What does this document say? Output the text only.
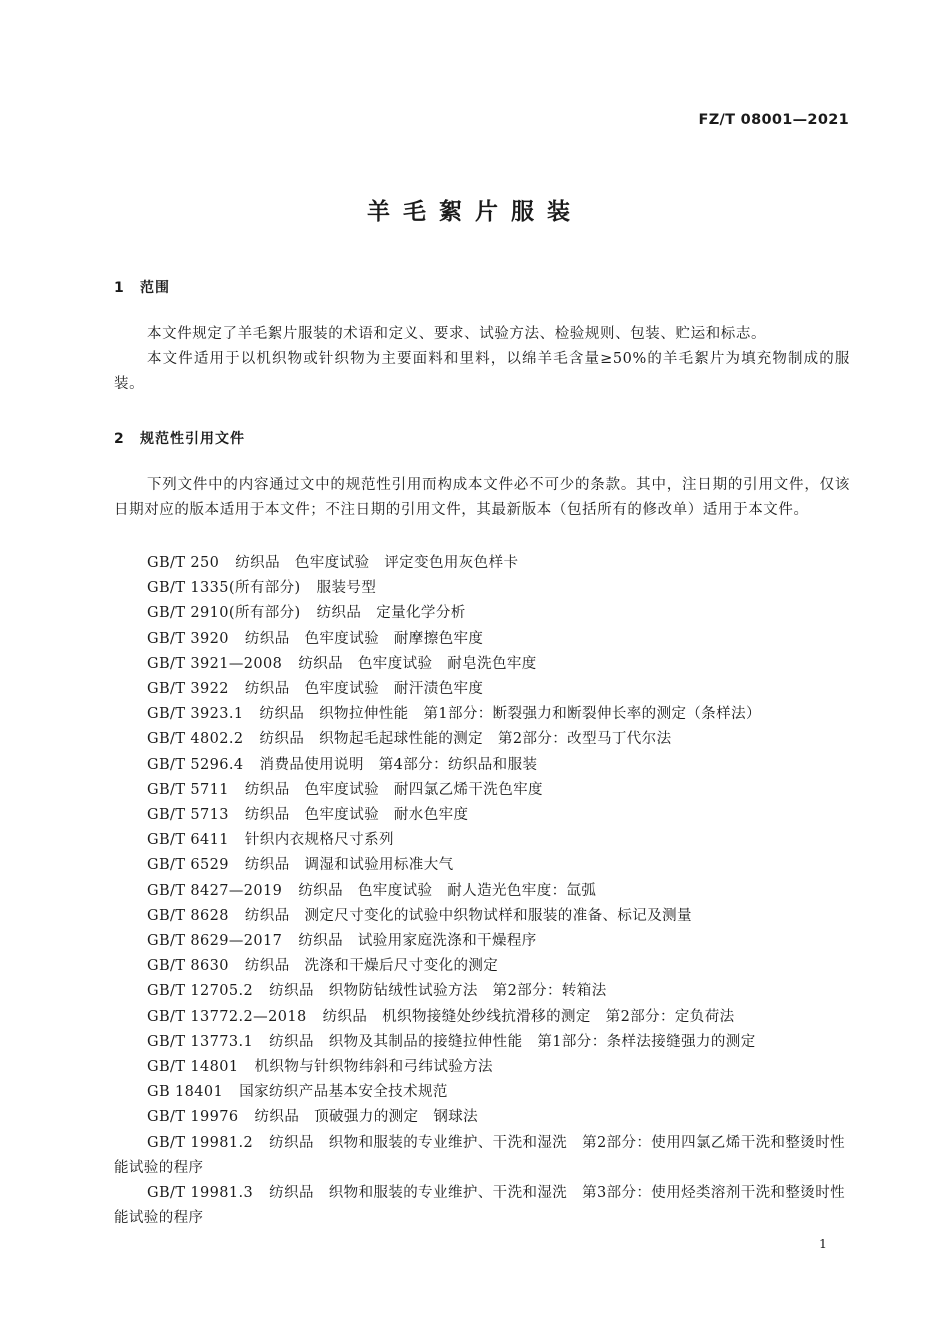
FZ/T 08001—2021
羊毛絮片服装
1 范围

本文件规定了羊毛絮片服装的术语和定义、要求、试验方法、检验规则、包装、贮运和标志。

本文件适用于以机织物或针织物为主要面料和里料，以绵羊毛含量≥50%的羊毛絮片为填充物制成的服装。

2 规范性引用文件

下列文件中的内容通过文中的规范性引用而构成本文件必不可少的条款。其中，注日期的引用文件，仅该日期对应的版本适用于本文件；不注日期的引用文件，其最新版本（包括所有的修改单）适用于本文件。

GB/T 250 纺织品　色牢度试验　评定变色用灰色样卡
GB/T 1335(所有部分) 服装号型
GB/T 2910(所有部分) 纺织品　定量化学分析
GB/T 3920 纺织品　色牢度试验　耐摩擦色牢度
GB/T 3921—2008 纺织品　色牢度试验　耐皂洗色牢度
GB/T 3922 纺织品　色牢度试验　耐汗渍色牢度
GB/T 3923.1 纺织品　织物拉伸性能　第1部分：断裂强力和断裂伸长率的测定（条样法）
GB/T 4802.2 纺织品　织物起毛起球性能的测定　第2部分：改型马丁代尔法
GB/T 5296.4 消费品使用说明　第4部分：纺织品和服装
GB/T 5711 纺织品　色牢度试验　耐四氯乙烯干洗色牢度
GB/T 5713 纺织品　色牢度试验　耐水色牢度
GB/T 6411 针织内衣规格尺寸系列
GB/T 6529 纺织品　调湿和试验用标准大气
GB/T 8427—2019 纺织品　色牢度试验　耐人造光色牢度：氙弧
GB/T 8628 纺织品　测定尺寸变化的试验中织物试样和服装的准备、标记及测量
GB/T 8629—2017 纺织品　试验用家庭洗涤和干燥程序
GB/T 8630 纺织品　洗涤和干燥后尺寸变化的测定
GB/T 12705.2 纺织品　织物防钻绒性试验方法　第2部分：转箱法
GB/T 13772.2—2018 纺织品　机织物接缝处纱线抗滑移的测定　第2部分：定负荷法
GB/T 13773.1 纺织品　织物及其制品的接缝拉伸性能　第1部分：条样法接缝强力的测定
GB/T 14801 机织物与针织物纬斜和弓纬试验方法
GB 18401 国家纺织产品基本安全技术规范
GB/T 19976 纺织品　顶破强力的测定　钢球法
GB/T 19981.2 纺织品　织物和服装的专业维护、干洗和湿洗　第2部分：使用四氯乙烯干洗和整烫时性能试验的程序
GB/T 19981.3 纺织品　织物和服装的专业维护、干洗和湿洗　第3部分：使用烃类溶剂干洗和整烫时性能试验的程序
1
